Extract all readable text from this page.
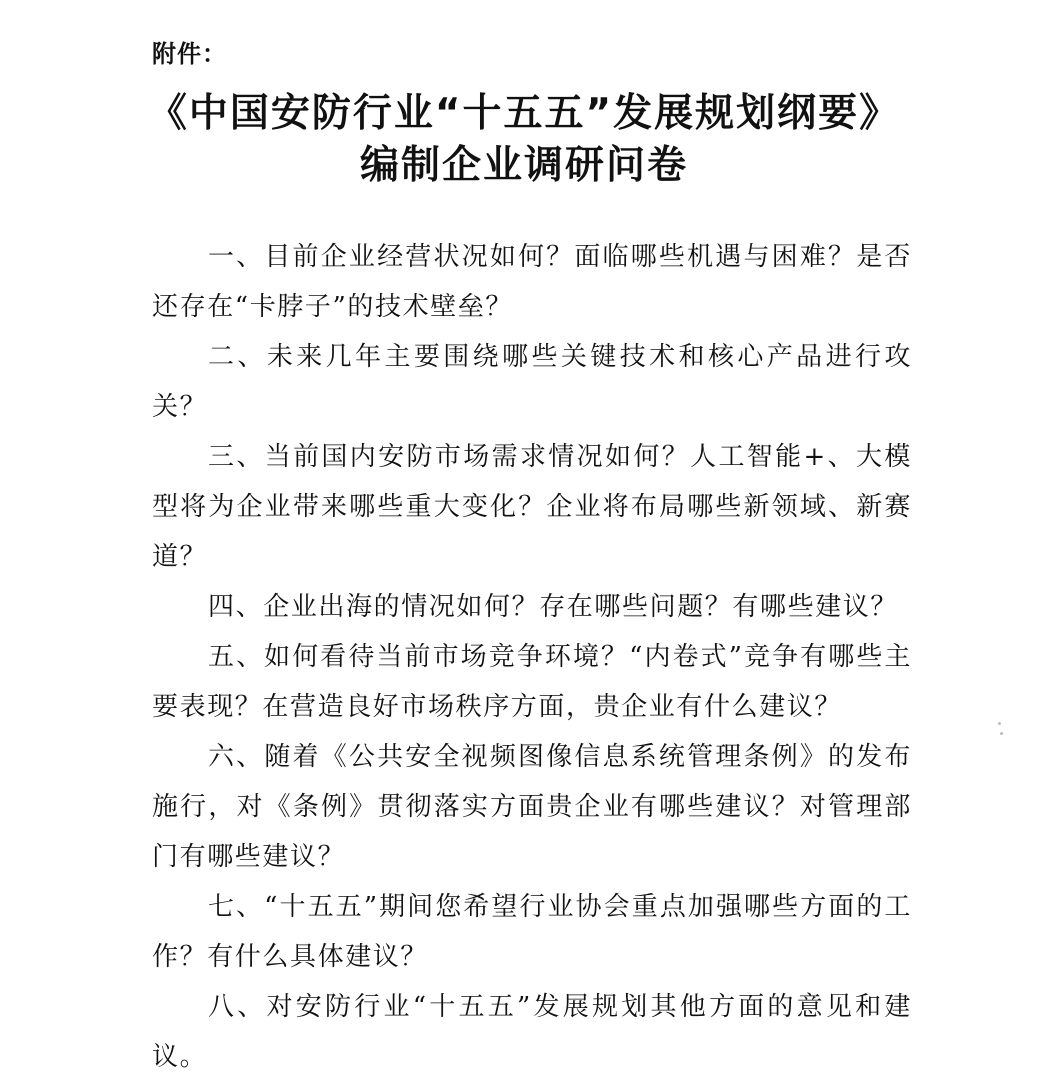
附件：
《中国安防行业“十五五”发展规划纲要》
编制企业调研问卷

一、目前企业经营状况如何？面临哪些机遇与困难？是否还存在“卡脖子”的技术壁垒？

二、未来几年主要围绕哪些关键技术和核心产品进行攻关？

三、当前国内安防市场需求情况如何？人工智能+、大模型将为企业带来哪些重大变化？企业将布局哪些新领域、新赛道？

四、企业出海的情况如何？存在哪些问题？有哪些建议？

五、如何看待当前市场竞争环境？“内卷式”竞争有哪些主要表现？在营造良好市场秩序方面，贵企业有什么建议？

六、随着《公共安全视频图像信息系统管理条例》的发布施行，对《条例》贯彻落实方面贵企业有哪些建议？对管理部门有哪些建议？

七、“十五五”期间您希望行业协会重点加强哪些方面的工作？有什么具体建议？

八、对安防行业“十五五”发展规划其他方面的意见和建议。
